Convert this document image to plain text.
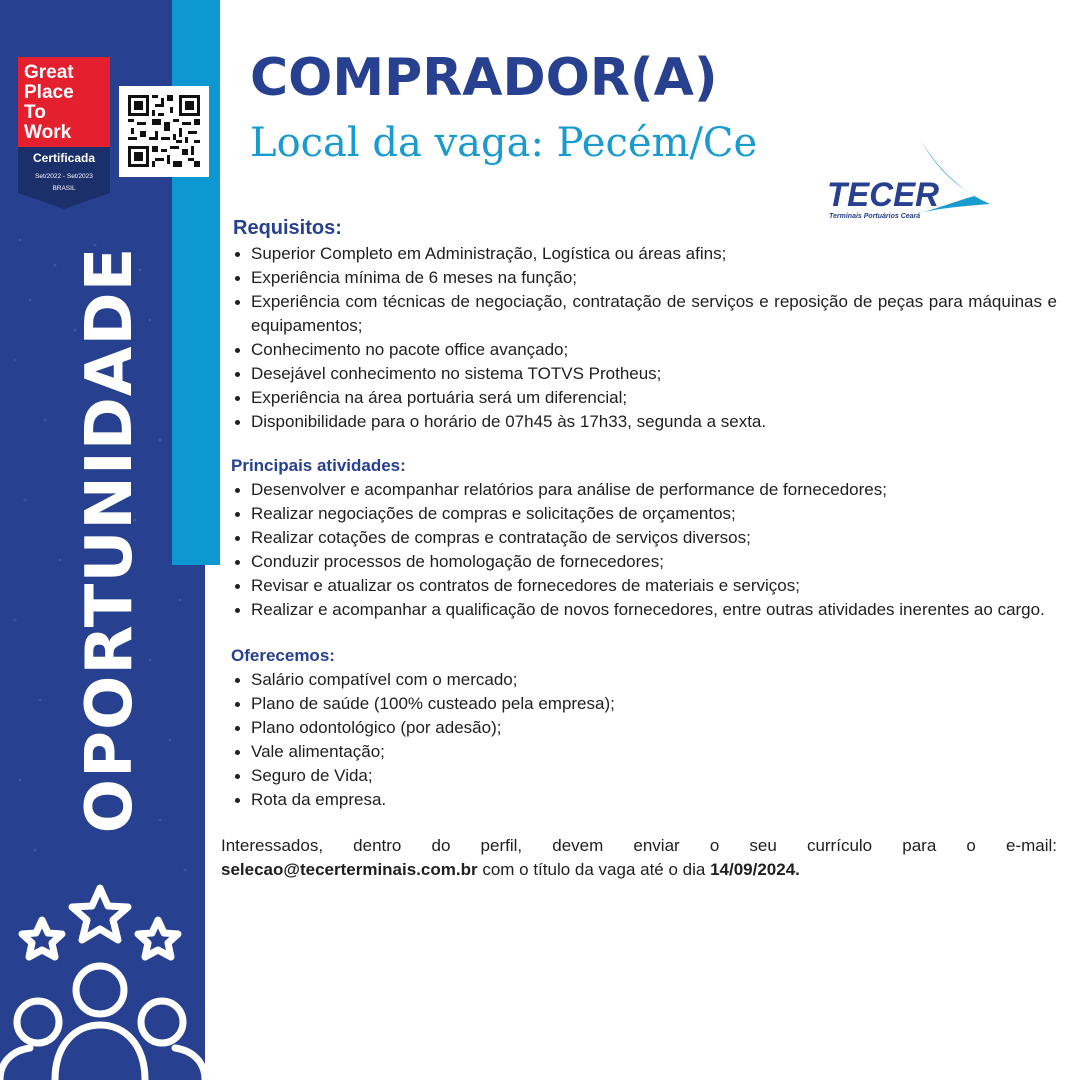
Great
Place
To
Work
Certificada
Set/2022 - Set/2023
BRASIL
OPORTUNIDADE
COMPRADOR(A)
Local da vaga: Pecém/Ce
TECER
Terminais Portuários Ceará

Requisitos:

Superior Completo em Administração, Logística ou áreas afins;
Experiência mínima de 6 meses na função;
Experiência com técnicas de negociação, contratação de serviços e reposição de peças para máquinas e equipamentos;
Conhecimento no pacote office avançado;
Desejável conhecimento no sistema TOTVS Protheus;
Experiência na área portuária será um diferencial;
Disponibilidade para o horário de 07h45 às 17h33, segunda a sexta.

Principais atividades:

Desenvolver e acompanhar relatórios para análise de performance de fornecedores;
Realizar negociações de compras e solicitações de orçamentos;
Realizar cotações de compras e contratação de serviços diversos;
Conduzir processos de homologação de fornecedores;
Revisar e atualizar os contratos de fornecedores de materiais e serviços;
Realizar e acompanhar a qualificação de novos fornecedores, entre outras atividades inerentes ao cargo.

Oferecemos:

Salário compatível com o mercado;
Plano de saúde (100% custeado pela empresa);
Plano odontológico (por adesão);
Vale alimentação;
Seguro de Vida;
Rota da empresa.
Interessados, dentro do perfil, devem enviar o seu currículo para o e-mail:
selecao@tecerterminais.com.br com o título da vaga até o dia 14/09/2024.
